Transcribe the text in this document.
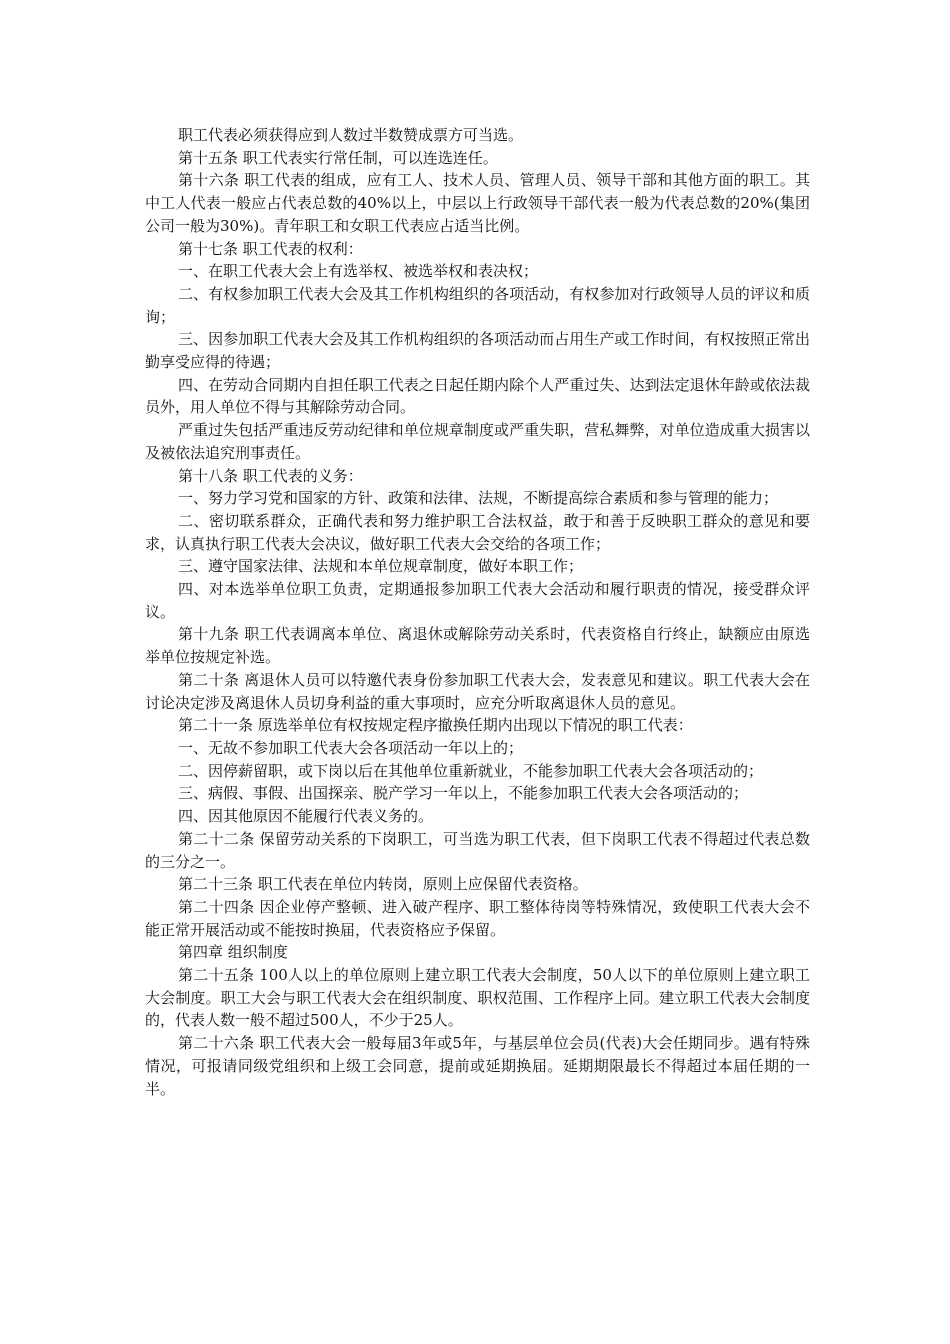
职工代表必须获得应到人数过半数赞成票方可当选。

第十五条 职工代表实行常任制，可以连选连任。

第十六条 职工代表的组成，应有工人、技术人员、管理人员、领导干部和其他方面的职工。其中工人代表一般应占代表总数的40%以上，中层以上行政领导干部代表一般为代表总数的20%(集团公司一般为30%)。青年职工和女职工代表应占适当比例。

第十七条 职工代表的权利：

一、在职工代表大会上有选举权、被选举权和表决权；

二、有权参加职工代表大会及其工作机构组织的各项活动，有权参加对行政领导人员的评议和质询；

三、因参加职工代表大会及其工作机构组织的各项活动而占用生产或工作时间，有权按照正常出勤享受应得的待遇；

四、在劳动合同期内自担任职工代表之日起任期内除个人严重过失、达到法定退休年龄或依法裁员外，用人单位不得与其解除劳动合同。

严重过失包括严重违反劳动纪律和单位规章制度或严重失职，营私舞弊，对单位造成重大损害以及被依法追究刑事责任。

第十八条 职工代表的义务：

一、努力学习党和国家的方针、政策和法律、法规，不断提高综合素质和参与管理的能力；

二、密切联系群众，正确代表和努力维护职工合法权益，敢于和善于反映职工群众的意见和要求，认真执行职工代表大会决议，做好职工代表大会交给的各项工作；

三、遵守国家法律、法规和本单位规章制度，做好本职工作；

四、对本选举单位职工负责，定期通报参加职工代表大会活动和履行职责的情况，接受群众评议。

第十九条 职工代表调离本单位、离退休或解除劳动关系时，代表资格自行终止，缺额应由原选举单位按规定补选。

第二十条 离退休人员可以特邀代表身份参加职工代表大会，发表意见和建议。职工代表大会在讨论决定涉及离退休人员切身利益的重大事项时，应充分听取离退休人员的意见。

第二十一条 原选举单位有权按规定程序撤换任期内出现以下情况的职工代表：

一、无故不参加职工代表大会各项活动一年以上的；

二、因停薪留职，或下岗以后在其他单位重新就业，不能参加职工代表大会各项活动的；

三、病假、事假、出国探亲、脱产学习一年以上，不能参加职工代表大会各项活动的；

四、因其他原因不能履行代表义务的。

第二十二条 保留劳动关系的下岗职工，可当选为职工代表，但下岗职工代表不得超过代表总数的三分之一。

第二十三条 职工代表在单位内转岗，原则上应保留代表资格。

第二十四条 因企业停产整顿、进入破产程序、职工整体待岗等特殊情况，致使职工代表大会不能正常开展活动或不能按时换届，代表资格应予保留。

第四章 组织制度

第二十五条 100人以上的单位原则上建立职工代表大会制度，50人以下的单位原则上建立职工大会制度。职工大会与职工代表大会在组织制度、职权范围、工作程序上同。建立职工代表大会制度的，代表人数一般不超过500人，不少于25人。

第二十六条 职工代表大会一般每届3年或5年，与基层单位会员(代表)大会任期同步。遇有特殊情况，可报请同级党组织和上级工会同意，提前或延期换届。延期期限最长不得超过本届任期的一半。
